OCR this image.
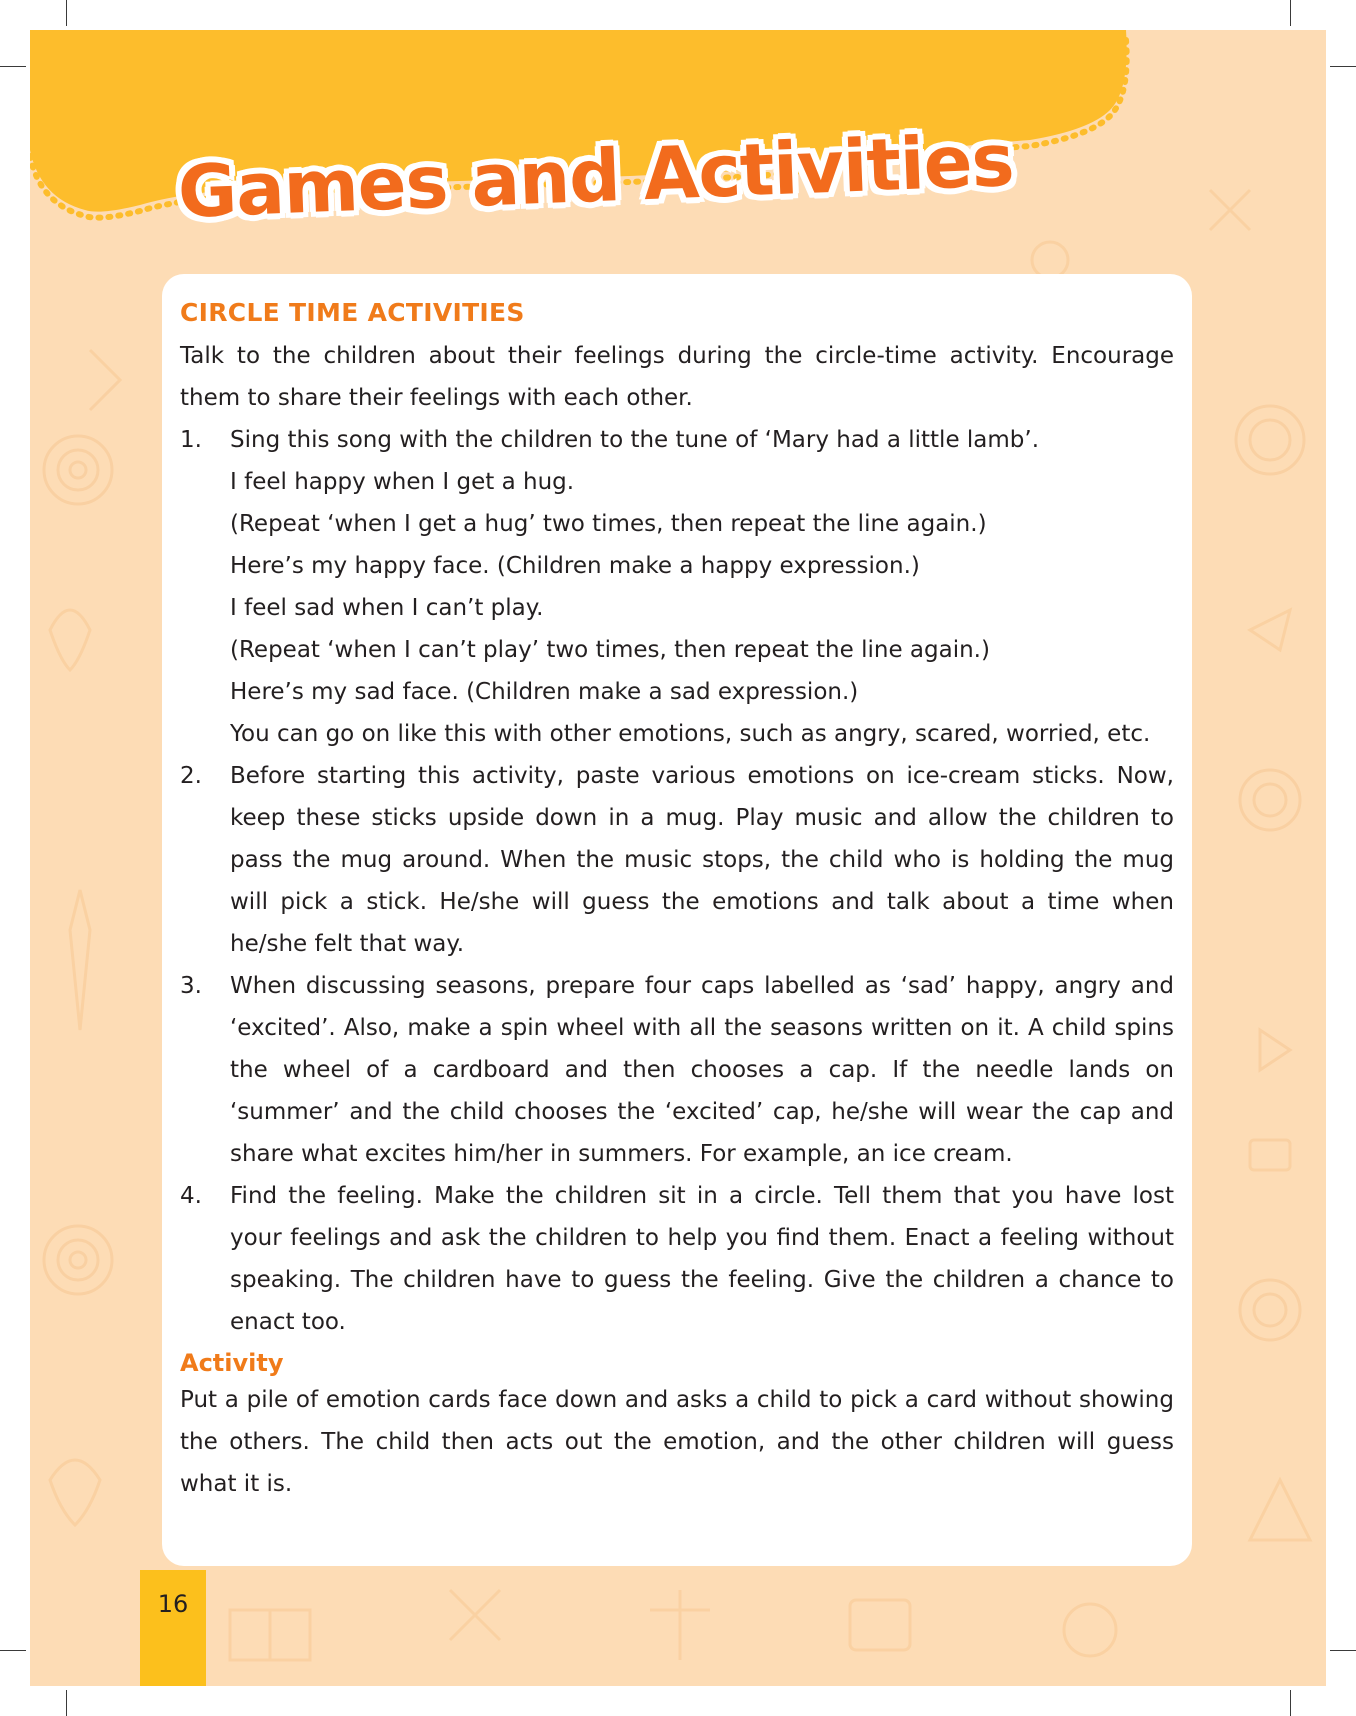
Games and Activities
CIRCLE TIME ACTIVITIES

Talk to the children about their feelings during the circle-time activity. Encourage them to share their feelings with each other.

1. Sing this song with the children to the tune of ‘Mary had a little lamb’.
I feel happy when I get a hug.
(Repeat ‘when I get a hug’ two times, then repeat the line again.)
Here’s my happy face. (Children make a happy expression.)
I feel sad when I can’t play.
(Repeat ‘when I can’t play’ two times, then repeat the line again.)
Here’s my sad face. (Children make a sad expression.)
You can go on like this with other emotions, such as angry, scared, worried, etc.
2. Before starting this activity, paste various emotions on ice-cream sticks. Now, keep these sticks upside down in a mug. Play music and allow the children to pass the mug around. When the music stops, the child who is holding the mug will pick a stick. He/she will guess the emotions and talk about a time when he/she felt that way.
3. When discussing seasons, prepare four caps labelled as ‘sad’ happy, angry and ‘excited’. Also, make a spin wheel with all the seasons written on it. A child spins the wheel of a cardboard and then chooses a cap. If the needle lands on ‘summer’ and the child chooses the ‘excited’ cap, he/she will wear the cap and share what excites him/her in summers. For example, an ice cream.
4. Find the feeling. Make the children sit in a circle. Tell them that you have lost your feelings and ask the children to help you find them. Enact a feeling without speaking. The children have to guess the feeling. Give the children a chance to enact too.
Activity

Put a pile of emotion cards face down and asks a child to pick a card without showing the others. The child then acts out the emotion, and the other children will guess what it is.

16
